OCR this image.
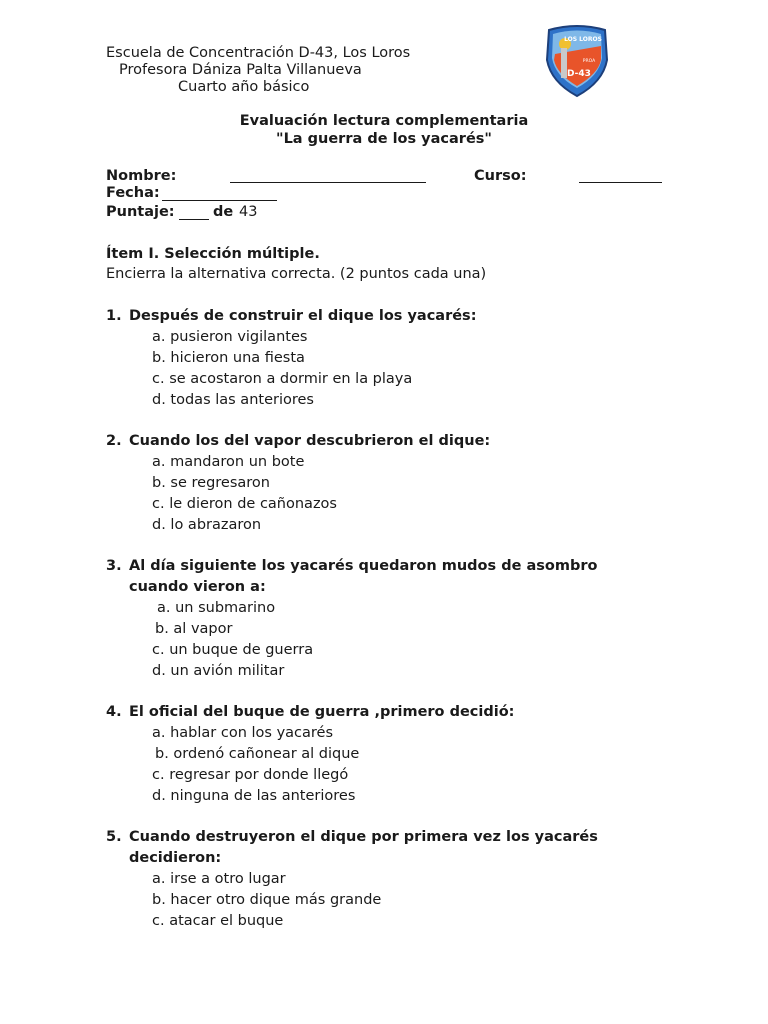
Escuela de Concentración D-43, Los Loros
Profesora Dániza Palta Villanueva
Cuarto año básico
LOS LOROS
PROA
D-43
Evaluación lectura complementaria
"La guerra de los yacarés"
Nombre:	Curso:
Fecha:
Puntaje:	de 43
Ítem I. Selección múltiple.
Encierra la alternativa correcta. (2 puntos cada una)
1. Después de construir el dique los yacarés:
a. pusieron vigilantes
b. hicieron una fiesta
c. se acostaron a dormir en la playa
d. todas las anteriores
2. Cuando los del vapor descubrieron el dique:
a. mandaron un bote
b. se regresaron
c. le dieron de cañonazos
d. lo abrazaron
3. Al día siguiente los yacarés quedaron mudos de asombro
cuando vieron a:
a. un submarino
b. al vapor
c. un buque de guerra
d. un avión militar
4. El oficial del buque de guerra ,primero decidió:
a. hablar con los yacarés
b. ordenó cañonear al dique
c. regresar por donde llegó
d. ninguna de las anteriores
5. Cuando destruyeron el dique por primera vez los yacarés
decidieron:
a. irse a otro lugar
b. hacer otro dique más grande
c. atacar el buque
